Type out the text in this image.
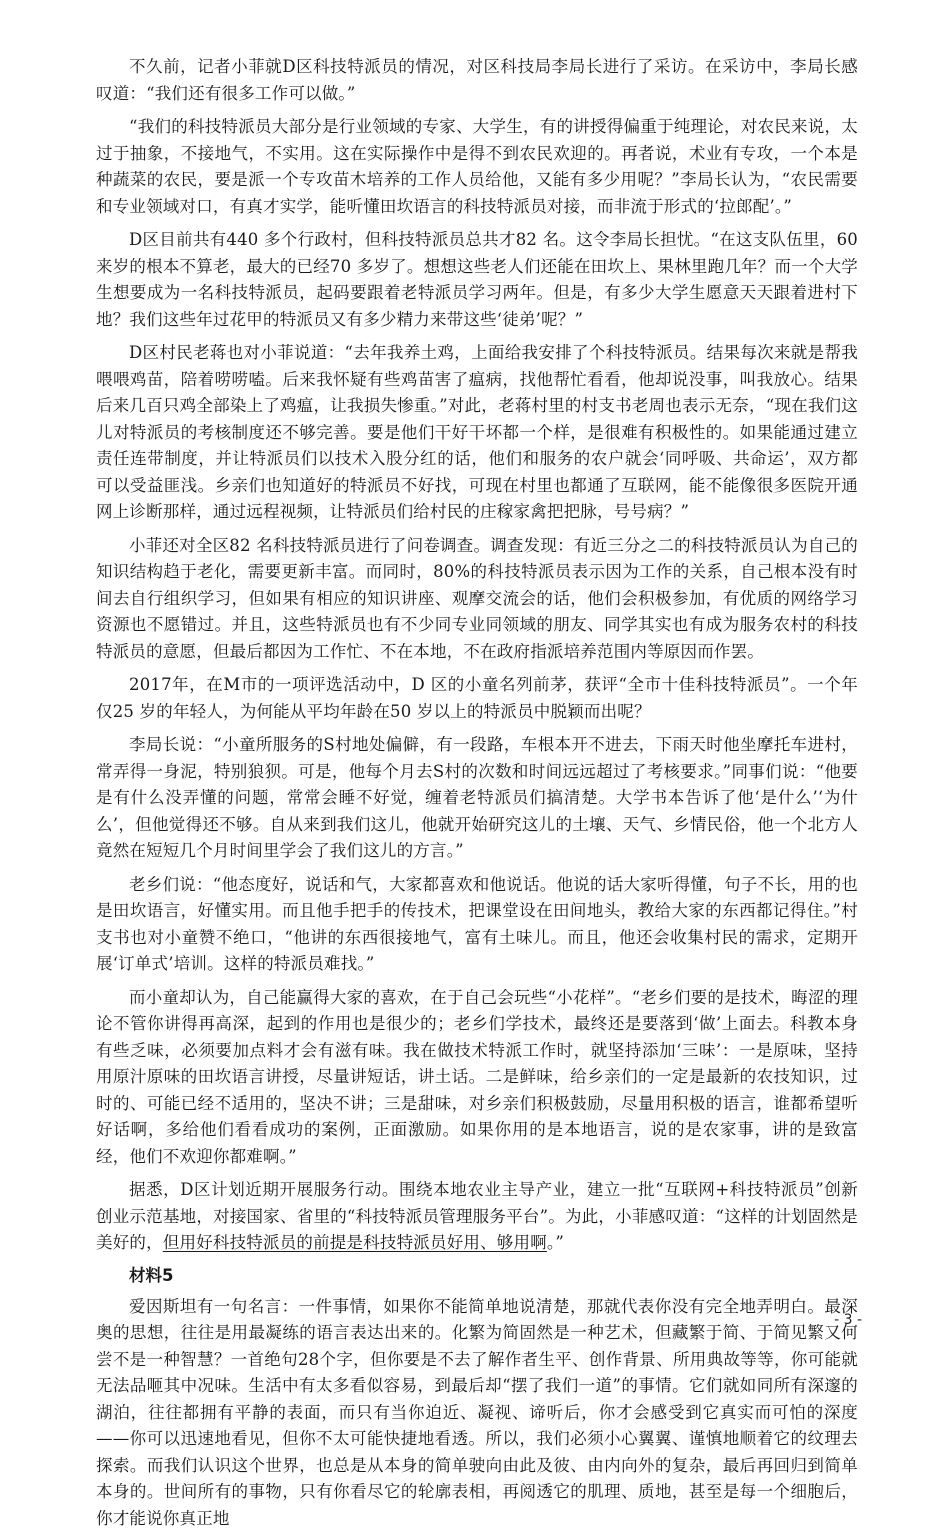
不久前，记者小菲就D区科技特派员的情况，对区科技局李局长进行了采访。在采访中，李局长感叹道：“我们还有很多工作可以做。”

“我们的科技特派员大部分是行业领域的专家、大学生，有的讲授得偏重于纯理论，对农民来说，太过于抽象，不接地气，不实用。这在实际操作中是得不到农民欢迎的。再者说，术业有专攻，一个本是种蔬菜的农民，要是派一个专攻苗木培养的工作人员给他，又能有多少用呢？”李局长认为，“农民需要和专业领域对口，有真才实学，能听懂田坎语言的科技特派员对接，而非流于形式的‘拉郎配’。”

D区目前共有440 多个行政村，但科技特派员总共才82 名。这令李局长担忧。“在这支队伍里，60来岁的根本不算老，最大的已经70 多岁了。想想这些老人们还能在田坎上、果林里跑几年？而一个大学生想要成为一名科技特派员，起码要跟着老特派员学习两年。但是，有多少大学生愿意天天跟着进村下地？我们这些年过花甲的特派员又有多少精力来带这些‘徒弟’呢？”

D区村民老蒋也对小菲说道：“去年我养土鸡，上面给我安排了个科技特派员。结果每次来就是帮我喂喂鸡苗，陪着唠唠嗑。后来我怀疑有些鸡苗害了瘟病，找他帮忙看看，他却说没事，叫我放心。结果后来几百只鸡全部染上了鸡瘟，让我损失惨重。”对此，老蒋村里的村支书老周也表示无奈，“现在我们这儿对特派员的考核制度还不够完善。要是他们干好干坏都一个样，是很难有积极性的。如果能通过建立责任连带制度，并让特派员们以技术入股分红的话，他们和服务的农户就会‘同呼吸、共命运’，双方都可以受益匪浅。乡亲们也知道好的特派员不好找，可现在村里也都通了互联网，能不能像很多医院开通网上诊断那样，通过远程视频，让特派员们给村民的庄稼家禽把把脉，号号病？”

小菲还对全区82 名科技特派员进行了问卷调查。调查发现：有近三分之二的科技特派员认为自己的知识结构趋于老化，需要更新丰富。而同时，80%的科技特派员表示因为工作的关系，自己根本没有时间去自行组织学习，但如果有相应的知识讲座、观摩交流会的话，他们会积极参加，有优质的网络学习资源也不愿错过。并且，这些特派员也有不少同专业同领域的朋友、同学其实也有成为服务农村的科技特派员的意愿，但最后都因为工作忙、不在本地，不在政府指派培养范围内等原因而作罢。

2017年，在M市的一项评选活动中，D 区的小童名列前茅，获评“全市十佳科技特派员”。一个年仅25 岁的年轻人，为何能从平均年龄在50 岁以上的特派员中脱颖而出呢？

李局长说：“小童所服务的S村地处偏僻，有一段路，车根本开不进去，下雨天时他坐摩托车进村，常弄得一身泥，特别狼狈。可是，他每个月去S村的次数和时间远远超过了考核要求。”同事们说：“他要是有什么没弄懂的问题，常常会睡不好觉，缠着老特派员们搞清楚。大学书本告诉了他‘是什么’‘为什么’，但他觉得还不够。自从来到我们这儿，他就开始研究这儿的土壤、天气、乡情民俗，他一个北方人竟然在短短几个月时间里学会了我们这儿的方言。”

老乡们说：“他态度好，说话和气，大家都喜欢和他说话。他说的话大家听得懂，句子不长，用的也是田坎语言，好懂实用。而且他手把手的传技术，把课堂设在田间地头，教给大家的东西都记得住。”村支书也对小童赞不绝口，“他讲的东西很接地气，富有土味儿。而且，他还会收集村民的需求，定期开展‘订单式’培训。这样的特派员难找。”

而小童却认为，自己能赢得大家的喜欢，在于自己会玩些“小花样”。“老乡们要的是技术，晦涩的理论不管你讲得再高深，起到的作用也是很少的；老乡们学技术，最终还是要落到‘做’上面去。科教本身有些乏味，必须要加点料才会有滋有味。我在做技术特派工作时，就坚持添加‘三味’：一是原味，坚持用原汁原味的田坎语言讲授，尽量讲短话，讲土话。二是鲜味，给乡亲们的一定是最新的农技知识，过时的、可能已经不适用的，坚决不讲；三是甜味，对乡亲们积极鼓励，尽量用积极的语言，谁都希望听好话啊，多给他们看看成功的案例，正面激励。如果你用的是本地语言，说的是农家事，讲的是致富经，他们不欢迎你都难啊。”

据悉，D区计划近期开展服务行动。围绕本地农业主导产业，建立一批“互联网+科技特派员”创新创业示范基地，对接国家、省里的“科技特派员管理服务平台”。为此，小菲感叹道：“这样的计划固然是美好的，但用好科技特派员的前提是科技特派员好用、够用啊。”

材料5

爱因斯坦有一句名言：一件事情，如果你不能简单地说清楚，那就代表你没有完全地弄明白。最深奥的思想，往往是用最凝练的语言表达出来的。化繁为简固然是一种艺术，但藏繁于简、于简见繁又何尝不是一种智慧？一首绝句28个字，但你要是不去了解作者生平、创作背景、所用典故等等，你可能就无法品咂其中况味。生活中有太多看似容易，到最后却“摆了我们一道”的事情。它们就如同所有深邃的湖泊，往往都拥有平静的表面，而只有当你迫近、凝视、谛听后，你才会感受到它真实而可怕的深度——你可以迅速地看见，但你不太可能快捷地看透。所以，我们必须小心翼翼、谨慎地顺着它的纹理去探索。而我们认识这个世界，也总是从本身的简单驶向由此及彼、由内向外的复杂，最后再回归到简单本身的。世间所有的事物，只有你看尽它的轮廓表相，再阅透它的肌理、质地，甚至是每一个细胞后，你才能说你真正地

- 3 -
